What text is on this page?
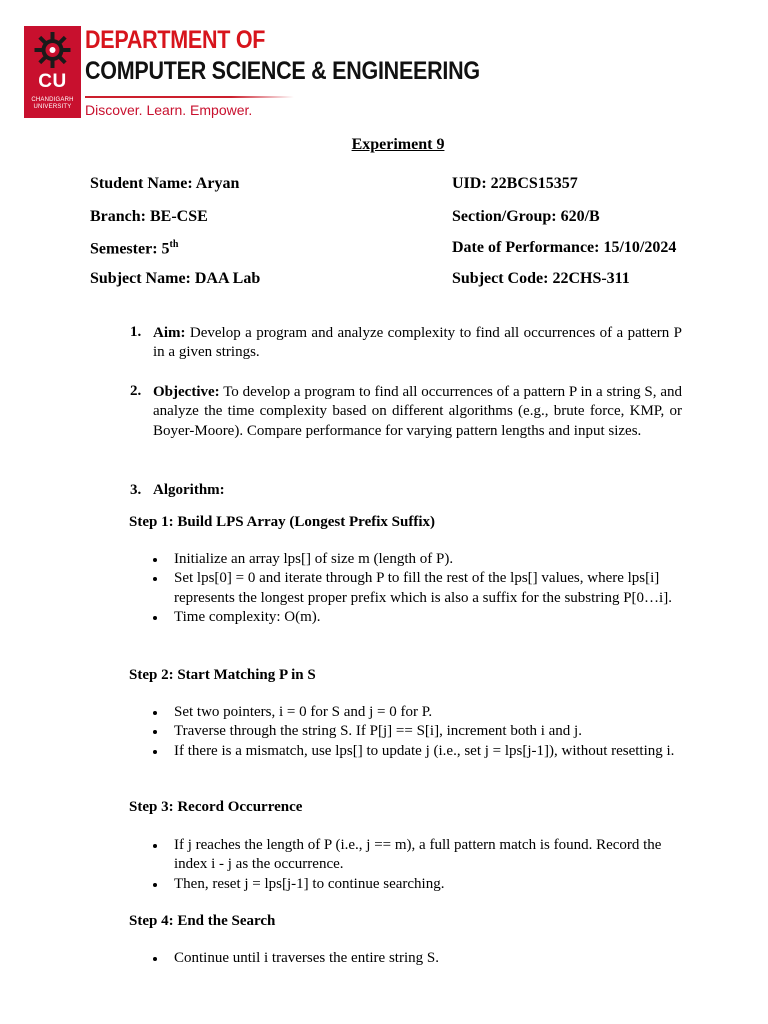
CU
CHANDIGARH UNIVERSITY
DEPARTMENT OF
COMPUTER SCIENCE & ENGINEERING
Discover. Learn. Empower.
Experiment 9
Student Name: Aryan	UID: 22BCS15357
Branch: BE-CSE	Section/Group: 620/B
Semester: 5th	Date of Performance: 15/10/2024
Subject Name: DAA Lab	Subject Code: 22CHS-311
1. Aim: Develop a program and analyze complexity to find all occurrences of a pattern P in a given strings.
2. Objective: To develop a program to find all occurrences of a pattern P in a string S, and analyze the time complexity based on different algorithms (e.g., brute force, KMP, or Boyer-Moore). Compare performance for varying pattern lengths and input sizes.
3. Algorithm:
Step 1: Build LPS Array (Longest Prefix Suffix)
Initialize an array lps[] of size m (length of P).
Set lps[0] = 0 and iterate through P to fill the rest of the lps[] values, where lps[i] represents the longest proper prefix which is also a suffix for the substring P[0…i].
Time complexity: O(m).
Step 2: Start Matching P in S
Set two pointers, i = 0 for S and j = 0 for P.
Traverse through the string S. If P[j] == S[i], increment both i and j.
If there is a mismatch, use lps[] to update j (i.e., set j = lps[j-1]), without resetting i.
Step 3: Record Occurrence
If j reaches the length of P (i.e., j == m), a full pattern match is found. Record the index i - j as the occurrence.
Then, reset j = lps[j-1] to continue searching.
Step 4: End the Search
Continue until i traverses the entire string S.
